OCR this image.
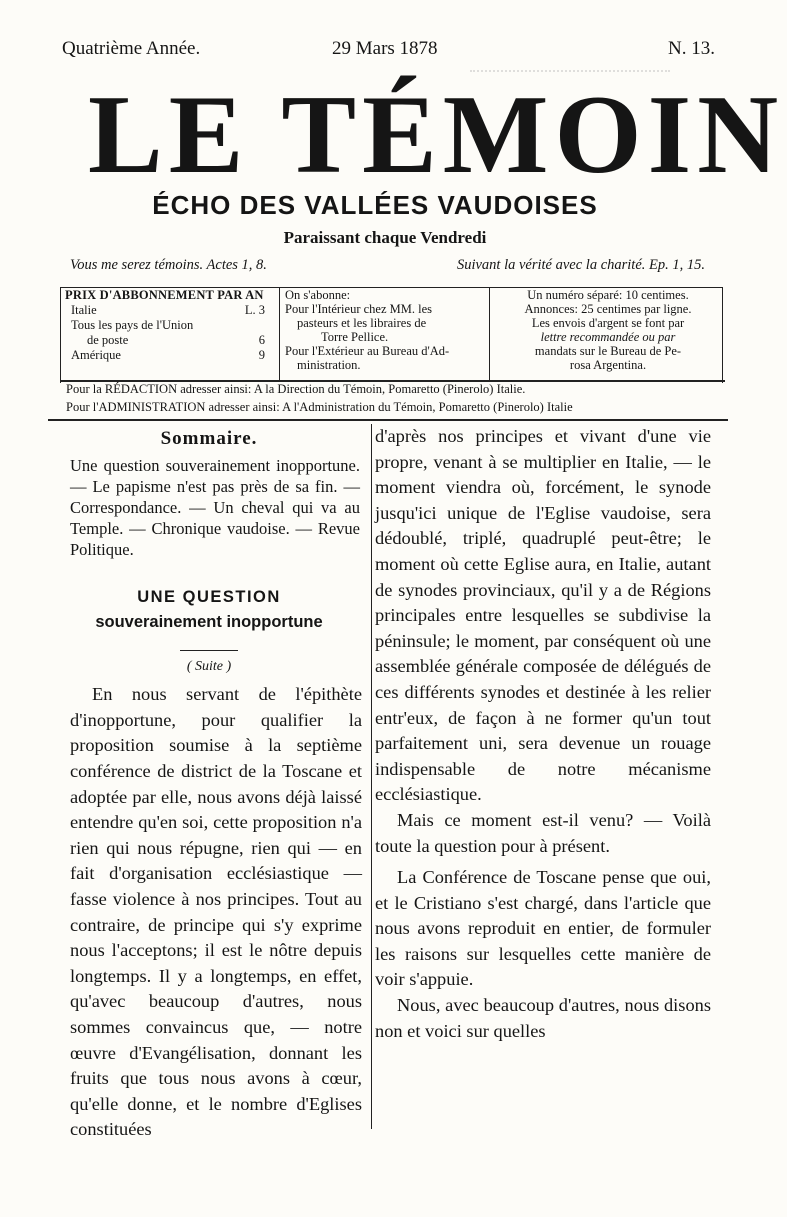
Quatrième Année.	29 Mars 1878	N. 13.
LE TÉMOIN
ÉCHO DES VALLÉES VAUDOISES
Paraissant chaque Vendredi
Vous me serez témoins. Actes 1, 8.	Suivant la vérité avec la charité. Ep. 1, 15.
PRIX D'ABBONNEMENT PAR AN
Italie	L. 3
Tous les pays de l'Union
de poste	6
Amérique	9
On s'abonne:
Pour l'Intérieur chez MM. les
pasteurs et les libraires de
Torre Pellice.
Pour l'Extérieur au Bureau d'Ad-
ministration.
Un numéro séparé: 10 centimes.
Annonces: 25 centimes par ligne.
Les envois d'argent se font par
lettre recommandée ou par
mandats sur le Bureau de Pe-
rosa Argentina.
Pour la RÉDACTION adresser ainsi: A la Direction du Témoin, Pomaretto (Pinerolo) Italie.
Pour l'ADMINISTRATION adresser ainsi: A l'Administration du Témoin, Pomaretto (Pinerolo) Italie
Sommaire.
Une question souverainement inopportune. — Le papisme n'est pas près de sa fin. — Correspondance. — Un cheval qui va au Temple. — Chronique vaudoise. — Revue Politique.
UNE QUESTION
souverainement inopportune
( Suite )

En nous servant de l'épithète d'inopportune, pour qualifier la proposition soumise à la septième conférence de district de la Toscane et adoptée par elle, nous avons déjà laissé entendre qu'en soi, cette proposition n'a rien qui nous répugne, rien qui — en fait d'organisation ecclésiastique — fasse violence à nos principes. Tout au contraire, de principe qui s'y exprime nous l'acceptons; il est le nôtre depuis longtemps. Il y a longtemps, en effet, qu'avec beaucoup d'autres, nous sommes convaincus que, — notre œuvre d'Evangélisation, donnant les fruits que tous nous avons à cœur, qu'elle donne, et le nombre d'Eglises constituées

d'après nos principes et vivant d'une vie propre, venant à se multiplier en Italie, — le moment viendra où, forcément, le synode jusqu'ici unique de l'Eglise vaudoise, sera dédoublé, triplé, quadruplé peut-être; le moment où cette Eglise aura, en Italie, autant de synodes provinciaux, qu'il y a de Régions principales entre lesquelles se subdivise la péninsule; le moment, par conséquent où une assemblée générale composée de délégués de ces différents synodes et destinée à les relier entr'eux, de façon à ne former qu'un tout parfaitement uni, sera devenue un rouage indispensable de notre mécanisme ecclésiastique.

Mais ce moment est-il venu? — Voilà toute la question pour à présent.

La Conférence de Toscane pense que oui, et le Cristiano s'est chargé, dans l'article que nous avons reproduit en entier, de formuler les raisons sur lesquelles cette manière de voir s'appuie.

Nous, avec beaucoup d'autres, nous disons non et voici sur quelles
